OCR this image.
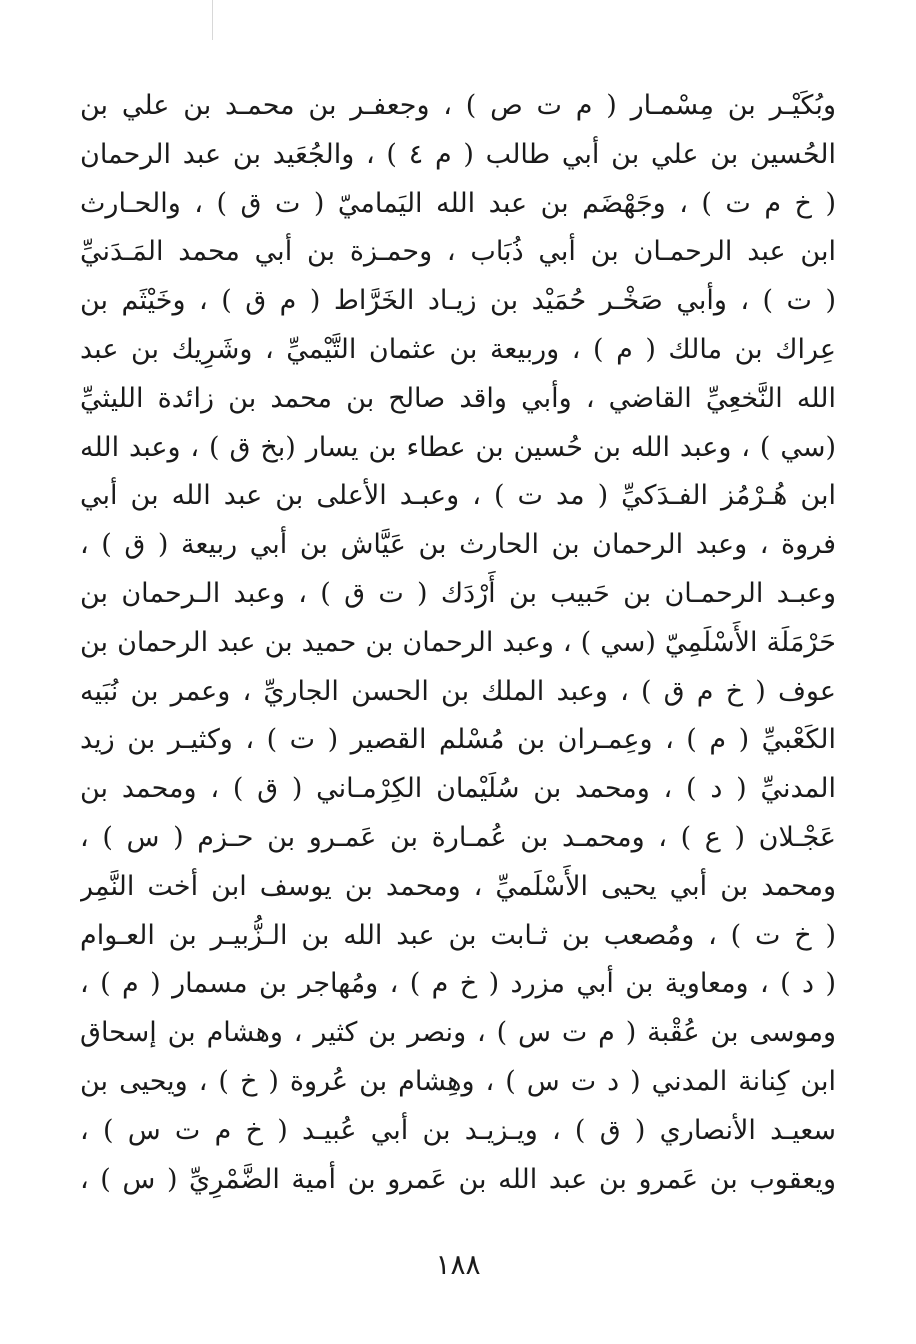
وبُكَيْـر بن مِسْمـار ( م ت ص ) ، وجعفـر بن محمـد بن علي بن
الحُسين بن علي بن أبي طالب ( م ٤ ) ، والجُعَيد بن عبد الرحمان
( خ م ت ) ، وجَهْضَم بن عبد الله اليَماميّ ( ت ق ) ، والحـارث
ابن عبد الرحمـان بن أبي ذُبَاب ، وحمـزة بن أبي محمد المَـدَنيِّ
( ت ) ، وأبي صَخْـر حُمَيْد بن زيـاد الخَرَّاط ( م ق ) ، وخَيْثَم بن
عِراك بن مالك ( م ) ، وربيعة بن عثمان التَّيْميِّ ، وشَرِيك بن عبد
الله النَّخعِيِّ القاضي ، وأبي واقد صالح بن محمد بن زائدة الليثيِّ
(سي ) ، وعبد الله بن حُسين بن عطاء بن يسار (بخ ق ) ، وعبد الله
ابن هُـرْمُز الفـدَكيِّ ( مد ت ) ، وعبـد الأعلى بن عبد الله بن أبي
فروة ، وعبد الرحمان بن الحارث بن عَيَّاش بن أبي ربيعة ( ق ) ،
وعبـد الرحمـان بن حَبيب بن أَرْدَك ( ت ق ) ، وعبد الـرحمان بن
حَرْمَلَة الأَسْلَمِيّ (سي ) ، وعبد الرحمان بن حميد بن عبد الرحمان بن
عوف ( خ م ق ) ، وعبد الملك بن الحسن الجاريِّ ، وعمر بن نُبَيه
الكَعْبيِّ ( م ) ، وعِمـران بن مُسْلم القصير ( ت ) ، وكثيـر بن زيد
المدنيِّ ( د ) ، ومحمد بن سُلَيْمان الكِرْمـاني ( ق ) ، ومحمد بن
عَجْـلان ( ع ) ، ومحمـد بن عُمـارة بن عَمـرو بن حـزم ( س ) ،
ومحمد بن أبي يحيى الأَسْلَميِّ ، ومحمد بن يوسف ابن أخت النَّمِر
( خ ت ) ، ومُصعب بن ثـابت بن عبد الله بن الـزُّبيـر بن العـوام
( د ) ، ومعاوية بن أبي مزرد ( خ م ) ، ومُهاجر بن مسمار ( م ) ،
وموسى بن عُقْبة ( م ت س ) ، ونصر بن كثير ، وهشام بن إسحاق
ابن كِنانة المدني ( د ت س ) ، وهِشام بن عُروة ( خ ) ، ويحيى بن
سعيـد الأنصاري ( ق ) ، ويـزيـد بن أبي عُبيـد ( خ م ت س ) ،
ويعقوب بن عَمرو بن عبد الله بن عَمرو بن أمية الضَّمْرِيِّ ( س ) ،
١٨٨
